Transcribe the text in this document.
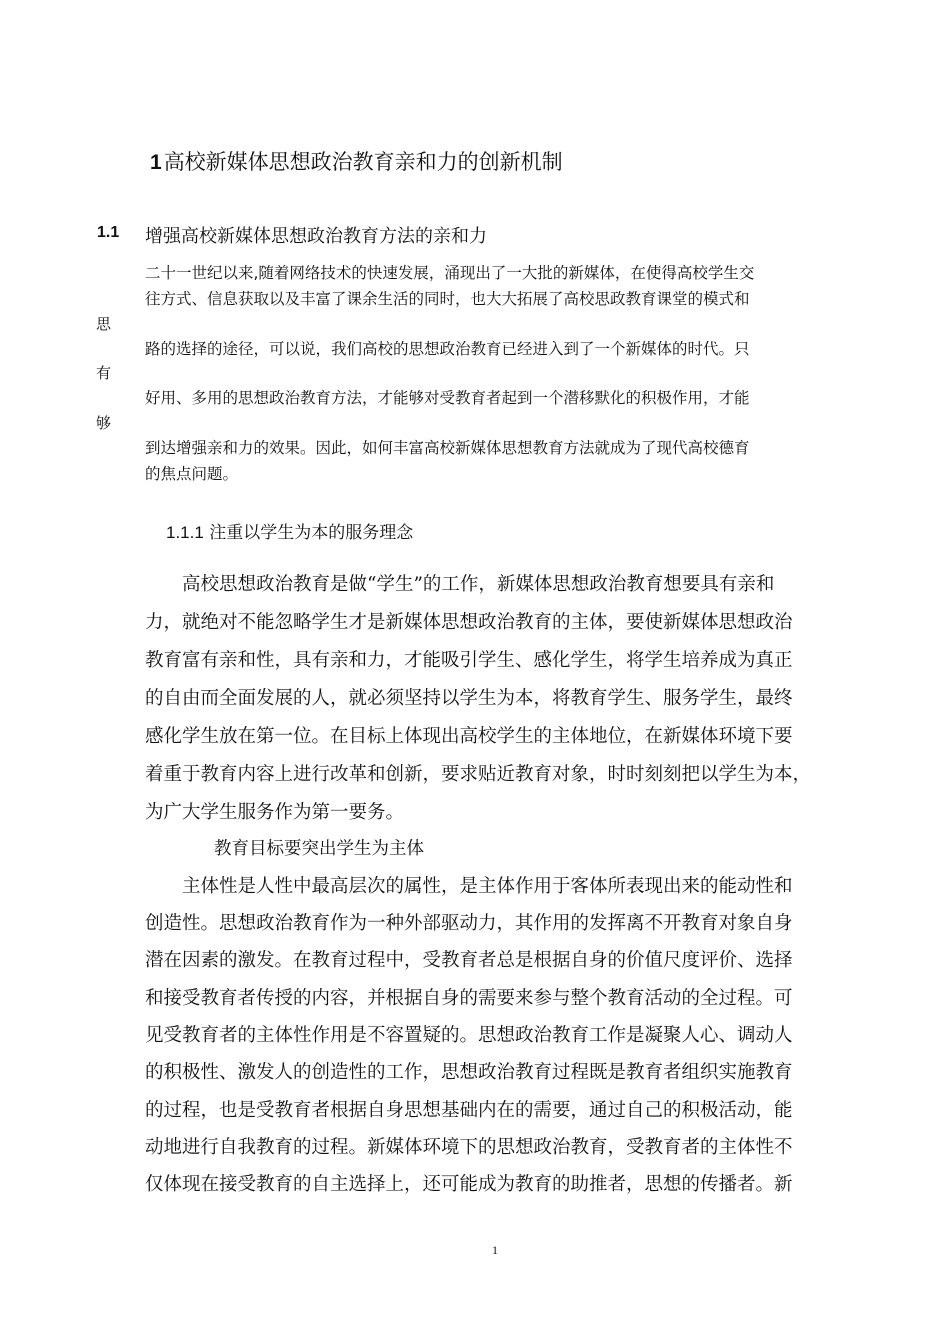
1高校新媒体思想政治教育亲和力的创新机制
1.1 增强高校新媒体思想政治教育方法的亲和力

二十一世纪以来,随着网络技术的快速发展，涌现出了一大批的新媒体，在使得高校学生交

往方式、信息获取以及丰富了课余生活的同时，也大大拓展了高校思政教育课堂的模式和

路的选择的途径，可以说，我们高校的思想政治教育已经进入到了一个新媒体的时代。只

好用、多用的思想政治教育方法，才能够对受教育者起到一个潜移默化的积极作用，才能

到达增强亲和力的效果。因此，如何丰富高校新媒体思想教育方法就成为了现代高校德育

的焦点问题。

思
有
够

1.1.1 注重以学生为本的服务理念

　　高校思想政治教育是做“学生”的工作，新媒体思想政治教育想要具有亲和

力，就绝对不能忽略学生才是新媒体思想政治教育的主体，要使新媒体思想政治

教育富有亲和性，具有亲和力，才能吸引学生、感化学生，将学生培养成为真正

的自由而全面发展的人，就必须坚持以学生为本，将教育学生、服务学生，最终

感化学生放在第一位。在目标上体现出高校学生的主体地位，在新媒体环境下要

着重于教育内容上进行改革和创新，要求贴近教育对象，时时刻刻把以学生为本，

为广大学生服务作为第一要务。

教育目标要突出学生为主体

　　主体性是人性中最高层次的属性，是主体作用于客体所表现出来的能动性和

创造性。思想政治教育作为一种外部驱动力，其作用的发挥离不开教育对象自身

潜在因素的激发。在教育过程中，受教育者总是根据自身的价值尺度评价、选择

和接受教育者传授的内容，并根据自身的需要来参与整个教育活动的全过程。可

见受教育者的主体性作用是不容置疑的。思想政治教育工作是凝聚人心、调动人

的积极性、激发人的创造性的工作，思想政治教育过程既是教育者组织实施教育

的过程，也是受教育者根据自身思想基础内在的需要，通过自己的积极活动，能

动地进行自我教育的过程。新媒体环境下的思想政治教育，受教育者的主体性不

仅体现在接受教育的自主选择上，还可能成为教育的助推者，思想的传播者。新

1
